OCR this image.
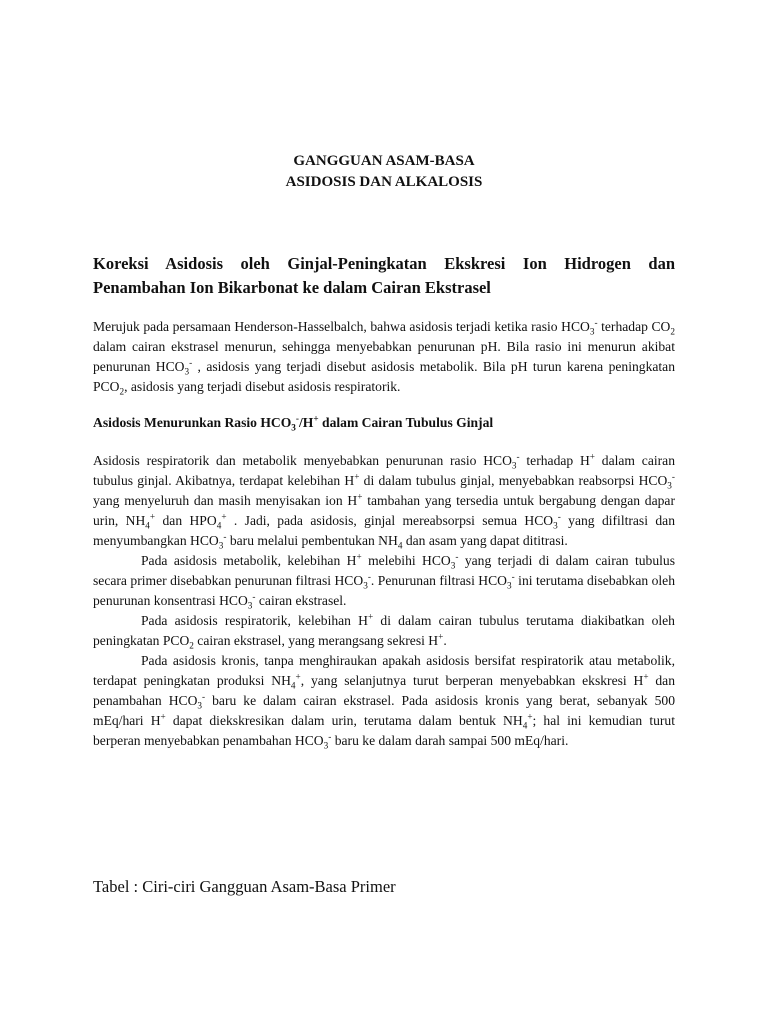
GANGGUAN ASAM-BASA
ASIDOSIS DAN ALKALOSIS
Koreksi Asidosis oleh Ginjal-Peningkatan Ekskresi Ion Hidrogen dan Penambahan Ion Bikarbonat ke dalam Cairan Ekstrasel

Merujuk pada persamaan Henderson-Hasselbalch, bahwa asidosis terjadi ketika rasio $HCO_3^-$ terhadap $CO_2$ dalam cairan ekstrasel menurun, sehingga menyebabkan penurunan pH. Bila rasio ini menurun akibat penurunan $HCO_3^-$ , asidosis yang terjadi disebut asidosis metabolik. Bila pH turun karena peningkatan $PCO_2$, asidosis yang terjadi disebut asidosis respiratorik.

Asidosis Menurunkan Rasio $HCO_3^-/H^+$ dalam Cairan Tubulus Ginjal

Asidosis respiratorik dan metabolik menyebabkan penurunan rasio $HCO_3^-$ terhadap H+ dalam cairan tubulus ginjal. Akibatnya, terdapat kelebihan H+ di dalam tubulus ginjal, menyebabkan reabsorpsi $HCO_3^-$ yang menyeluruh dan masih menyisakan ion H+ tambahan yang tersedia untuk bergabung dengan dapar urin, $NH_4^+$ dan $HPO_4^+$ . Jadi, pada asidosis, ginjal mereabsorpsi semua $HCO_3^-$ yang difiltrasi dan menyumbangkan $HCO_3^-$ baru melalui pembentukan $NH_4$ dan asam yang dapat dititrasi.

Pada asidosis metabolik, kelebihan H+ melebihi $HCO_3^-$ yang terjadi di dalam cairan tubulus secara primer disebabkan penurunan filtrasi $HCO_3^-$. Penurunan filtrasi $HCO_3^-$ ini terutama disebabkan oleh penurunan konsentrasi $HCO_3^-$ cairan ekstrasel.

Pada asidosis respiratorik, kelebihan H+ di dalam cairan tubulus terutama diakibatkan oleh peningkatan $PCO_2$ cairan ekstrasel, yang merangsang sekresi H+.

Pada asidosis kronis, tanpa menghiraukan apakah asidosis bersifat respiratorik atau metabolik, terdapat peningkatan produksi $NH_4^+$, yang selanjutnya turut berperan menyebabkan ekskresi H+ dan penambahan $HCO_3^-$ baru ke dalam cairan ekstrasel. Pada asidosis kronis yang berat, sebanyak 500 mEq/hari H+ dapat diekskresikan dalam urin, terutama dalam bentuk $NH_4^+$; hal ini kemudian turut berperan menyebabkan penambahan $HCO_3^-$ baru ke dalam darah sampai 500 mEq/hari.

Tabel : Ciri-ciri Gangguan Asam-Basa Primer
